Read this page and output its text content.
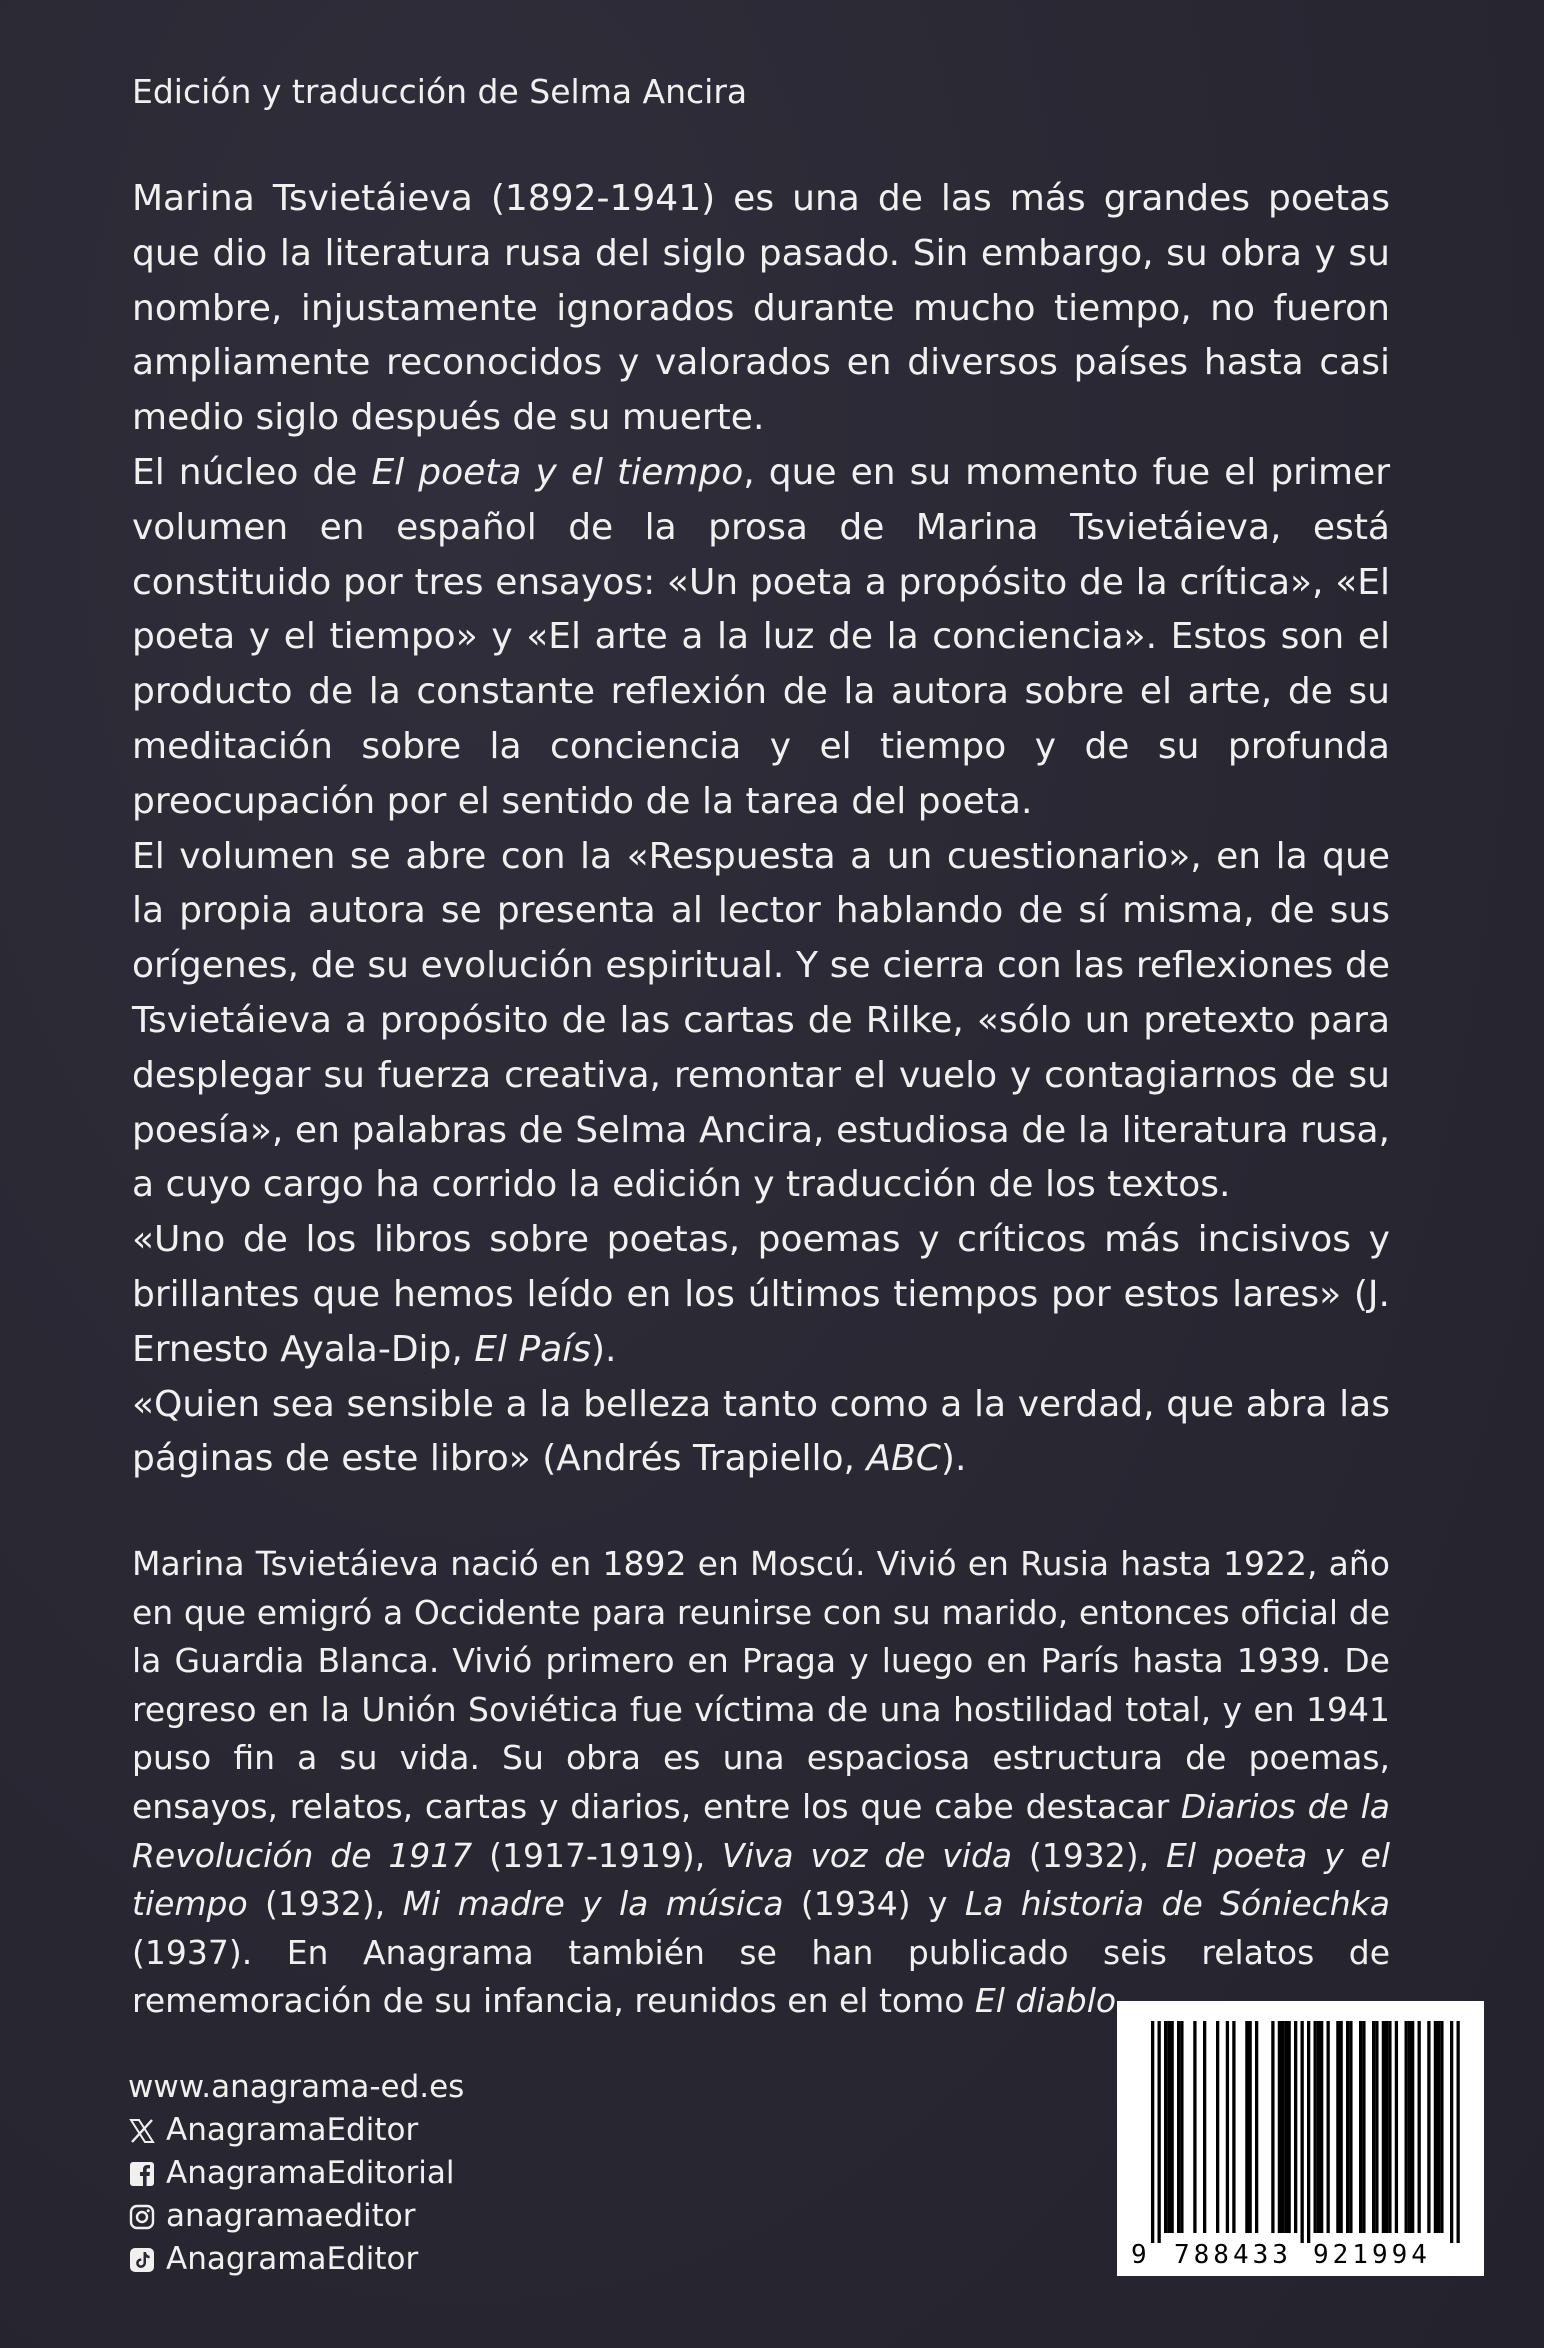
Edición y traducción de Selma Ancira

Marina Tsvietáieva (1892-1941) es una de las más grandes poetas que dio la literatura rusa del siglo pasado. Sin embargo, su obra y su nombre, injustamente ignorados durante mucho tiempo, no fueron ampliamente reconocidos y valorados en diversos países hasta casi medio siglo después de su muerte.

El núcleo de El poeta y el tiempo, que en su momento fue el primer volumen en español de la prosa de Marina Tsvietáieva, está constituido por tres ensayos: «Un poeta a propósito de la crítica», «El poeta y el tiempo» y «El arte a la luz de la conciencia». Estos son el producto de la constante reflexión de la autora sobre el arte, de su meditación sobre la conciencia y el tiempo y de su profunda preocupación por el sentido de la tarea del poeta.

El volumen se abre con la «Respuesta a un cuestionario», en la que la propia autora se presenta al lector hablando de sí misma, de sus orígenes, de su evolución espiritual. Y se cierra con las reflexiones de Tsvietáieva a propósito de las cartas de Rilke, «sólo un pretexto para desplegar su fuerza creativa, remontar el vuelo y contagiarnos de su poesía», en palabras de Selma Ancira, estudiosa de la literatura rusa, a cuyo cargo ha corrido la edición y traducción de los textos.

«Uno de los libros sobre poetas, poemas y críticos más incisivos y brillantes que hemos leído en los últimos tiempos por estos lares» (J. Ernesto Ayala-Dip, El País).

«Quien sea sensible a la belleza tanto como a la verdad, que abra las páginas de este libro» (Andrés Trapiello, ABC).

Marina Tsvietáieva nació en 1892 en Moscú. Vivió en Rusia hasta 1922, año en que emigró a Occidente para reunirse con su marido, entonces oficial de la Guardia Blanca. Vivió primero en Praga y luego en París hasta 1939. De regreso en la Unión Soviética fue víctima de una hostilidad total, y en 1941 puso fin a su vida. Su obra es una espaciosa estructura de poemas, ensayos, relatos, cartas y diarios, entre los que cabe destacar Diarios de la Revolución de 1917 (1917-1919), Viva voz de vida (1932), El poeta y el tiempo (1932), Mi madre y la música (1934) y La historia de Sóniechka (1937). En Anagrama también se han publicado seis relatos de rememoración de su infancia, reunidos en el tomo El diablo

www.anagrama-ed.es
AnagramaEditor
AnagramaEditorial
anagramaeditor
AnagramaEditor	9 788433 921994
